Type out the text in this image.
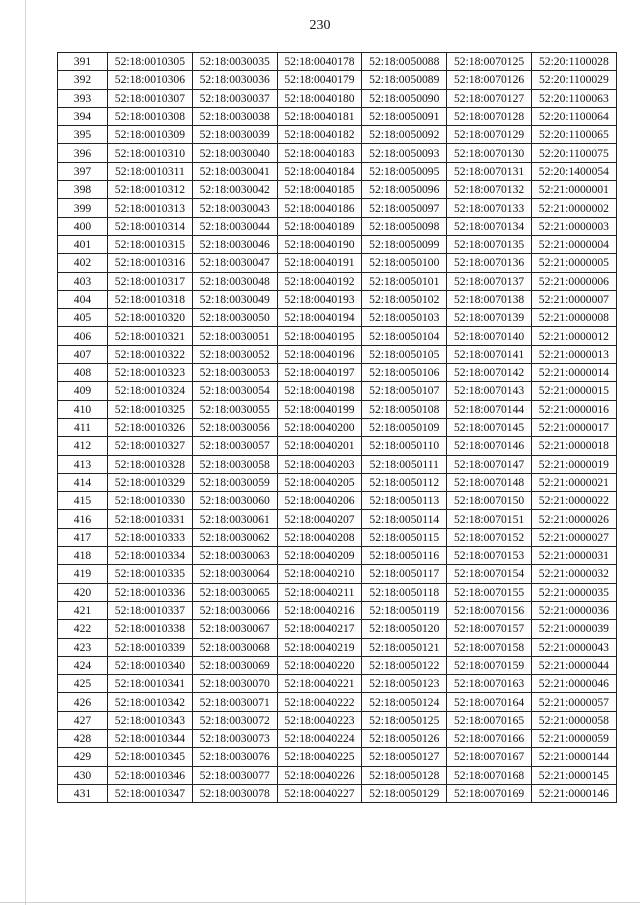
230
391	52:18:0010305	52:18:0030035	52:18:0040178	52:18:0050088	52:18:0070125	52:20:1100028
392	52:18:0010306	52:18:0030036	52:18:0040179	52:18:0050089	52:18:0070126	52:20:1100029
393	52:18:0010307	52:18:0030037	52:18:0040180	52:18:0050090	52:18:0070127	52:20:1100063
394	52:18:0010308	52:18:0030038	52:18:0040181	52:18:0050091	52:18:0070128	52:20:1100064
395	52:18:0010309	52:18:0030039	52:18:0040182	52:18:0050092	52:18:0070129	52:20:1100065
396	52:18:0010310	52:18:0030040	52:18:0040183	52:18:0050093	52:18:0070130	52:20:1100075
397	52:18:0010311	52:18:0030041	52:18:0040184	52:18:0050095	52:18:0070131	52:20:1400054
398	52:18:0010312	52:18:0030042	52:18:0040185	52:18:0050096	52:18:0070132	52:21:0000001
399	52:18:0010313	52:18:0030043	52:18:0040186	52:18:0050097	52:18:0070133	52:21:0000002
400	52:18:0010314	52:18:0030044	52:18:0040189	52:18:0050098	52:18:0070134	52:21:0000003
401	52:18:0010315	52:18:0030046	52:18:0040190	52:18:0050099	52:18:0070135	52:21:0000004
402	52:18:0010316	52:18:0030047	52:18:0040191	52:18:0050100	52:18:0070136	52:21:0000005
403	52:18:0010317	52:18:0030048	52:18:0040192	52:18:0050101	52:18:0070137	52:21:0000006
404	52:18:0010318	52:18:0030049	52:18:0040193	52:18:0050102	52:18:0070138	52:21:0000007
405	52:18:0010320	52:18:0030050	52:18:0040194	52:18:0050103	52:18:0070139	52:21:0000008
406	52:18:0010321	52:18:0030051	52:18:0040195	52:18:0050104	52:18:0070140	52:21:0000012
407	52:18:0010322	52:18:0030052	52:18:0040196	52:18:0050105	52:18:0070141	52:21:0000013
408	52:18:0010323	52:18:0030053	52:18:0040197	52:18:0050106	52:18:0070142	52:21:0000014
409	52:18:0010324	52:18:0030054	52:18:0040198	52:18:0050107	52:18:0070143	52:21:0000015
410	52:18:0010325	52:18:0030055	52:18:0040199	52:18:0050108	52:18:0070144	52:21:0000016
411	52:18:0010326	52:18:0030056	52:18:0040200	52:18:0050109	52:18:0070145	52:21:0000017
412	52:18:0010327	52:18:0030057	52:18:0040201	52:18:0050110	52:18:0070146	52:21:0000018
413	52:18:0010328	52:18:0030058	52:18:0040203	52:18:0050111	52:18:0070147	52:21:0000019
414	52:18:0010329	52:18:0030059	52:18:0040205	52:18:0050112	52:18:0070148	52:21:0000021
415	52:18:0010330	52:18:0030060	52:18:0040206	52:18:0050113	52:18:0070150	52:21:0000022
416	52:18:0010331	52:18:0030061	52:18:0040207	52:18:0050114	52:18:0070151	52:21:0000026
417	52:18:0010333	52:18:0030062	52:18:0040208	52:18:0050115	52:18:0070152	52:21:0000027
418	52:18:0010334	52:18:0030063	52:18:0040209	52:18:0050116	52:18:0070153	52:21:0000031
419	52:18:0010335	52:18:0030064	52:18:0040210	52:18:0050117	52:18:0070154	52:21:0000032
420	52:18:0010336	52:18:0030065	52:18:0040211	52:18:0050118	52:18:0070155	52:21:0000035
421	52:18:0010337	52:18:0030066	52:18:0040216	52:18:0050119	52:18:0070156	52:21:0000036
422	52:18:0010338	52:18:0030067	52:18:0040217	52:18:0050120	52:18:0070157	52:21:0000039
423	52:18:0010339	52:18:0030068	52:18:0040219	52:18:0050121	52:18:0070158	52:21:0000043
424	52:18:0010340	52:18:0030069	52:18:0040220	52:18:0050122	52:18:0070159	52:21:0000044
425	52:18:0010341	52:18:0030070	52:18:0040221	52:18:0050123	52:18:0070163	52:21:0000046
426	52:18:0010342	52:18:0030071	52:18:0040222	52:18:0050124	52:18:0070164	52:21:0000057
427	52:18:0010343	52:18:0030072	52:18:0040223	52:18:0050125	52:18:0070165	52:21:0000058
428	52:18:0010344	52:18:0030073	52:18:0040224	52:18:0050126	52:18:0070166	52:21:0000059
429	52:18:0010345	52:18:0030076	52:18:0040225	52:18:0050127	52:18:0070167	52:21:0000144
430	52:18:0010346	52:18:0030077	52:18:0040226	52:18:0050128	52:18:0070168	52:21:0000145
431	52:18:0010347	52:18:0030078	52:18:0040227	52:18:0050129	52:18:0070169	52:21:0000146
